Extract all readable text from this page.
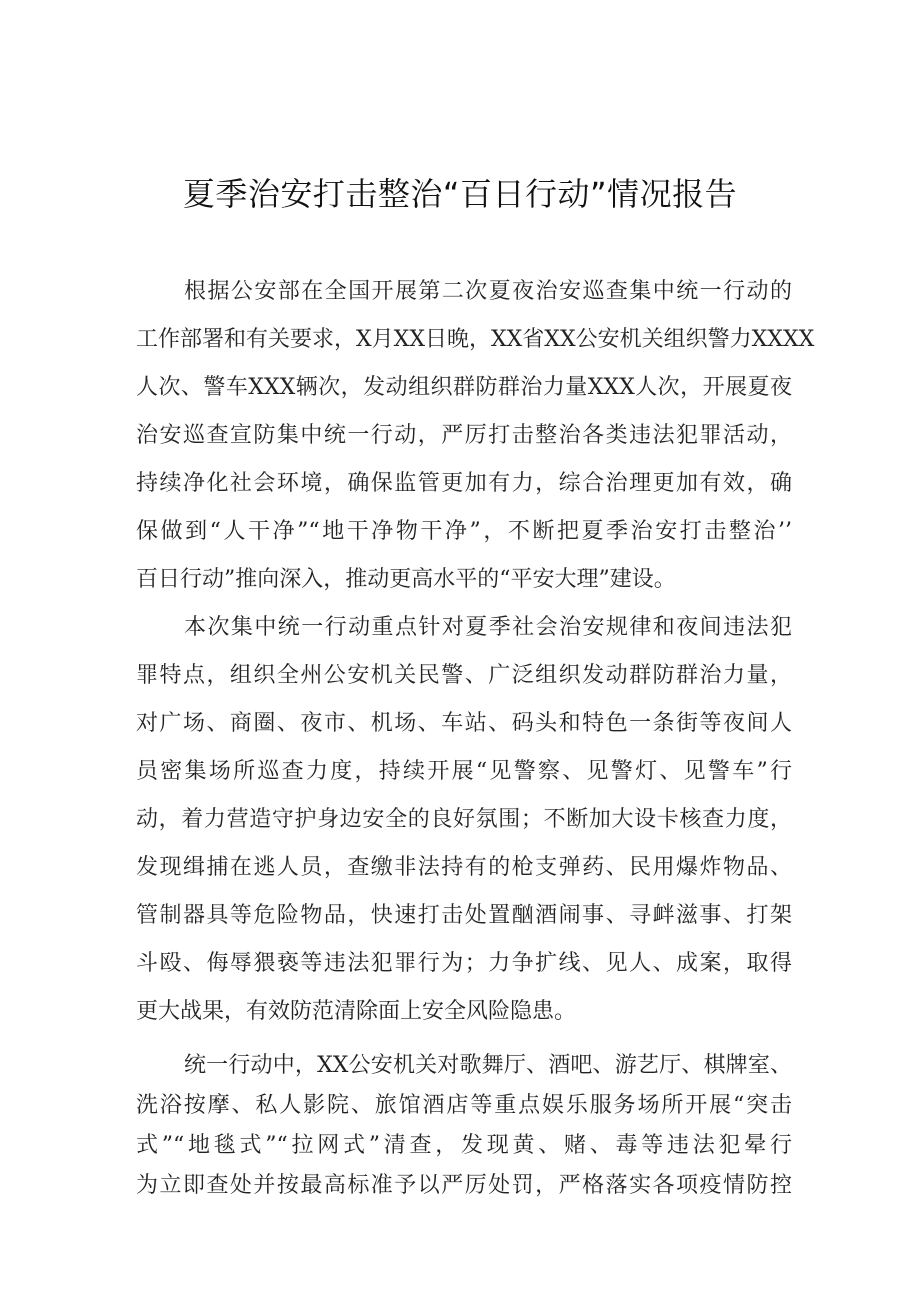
夏季治安打击整治“百日行动”情况报告
根据公安部在全国开展第二次夏夜治安巡查集中统一行动的
工作部署和有关要求，X月XX日晚，XX省XX公安机关组织警力XXXX
人次、警车XXX辆次，发动组织群防群治力量XXX人次，开展夏夜
治安巡查宣防集中统一行动，严厉打击整治各类违法犯罪活动，
持续净化社会环境，确保监管更加有力，综合治理更加有效，确
保做到“人干净”“地干净物干净”，不断把夏季治安打击整治’’
百日行动”推向深入，推动更高水平的“平安大理”建设。
本次集中统一行动重点针对夏季社会治安规律和夜间违法犯
罪特点，组织全州公安机关民警、广泛组织发动群防群治力量，
对广场、商圈、夜市、机场、车站、码头和特色一条街等夜间人
员密集场所巡查力度，持续开展“见警察、见警灯、见警车”行
动，着力营造守护身边安全的良好氛围；不断加大设卡核查力度，
发现缉捕在逃人员，查缴非法持有的枪支弹药、民用爆炸物品、
管制器具等危险物品，快速打击处置酗酒闹事、寻衅滋事、打架
斗殴、侮辱猥亵等违法犯罪行为；力争扩线、见人、成案，取得
更大战果，有效防范清除面上安全风险隐患。
统一行动中，XX公安机关对歌舞厅、酒吧、游艺厅、棋牌室、
洗浴按摩、私人影院、旅馆酒店等重点娱乐服务场所开展“突击
式”“地毯式”“拉网式”清查，发现黄、赌、毒等违法犯晕行
为立即查处并按最高标准予以严厉处罚，严格落实各项疫情防控
